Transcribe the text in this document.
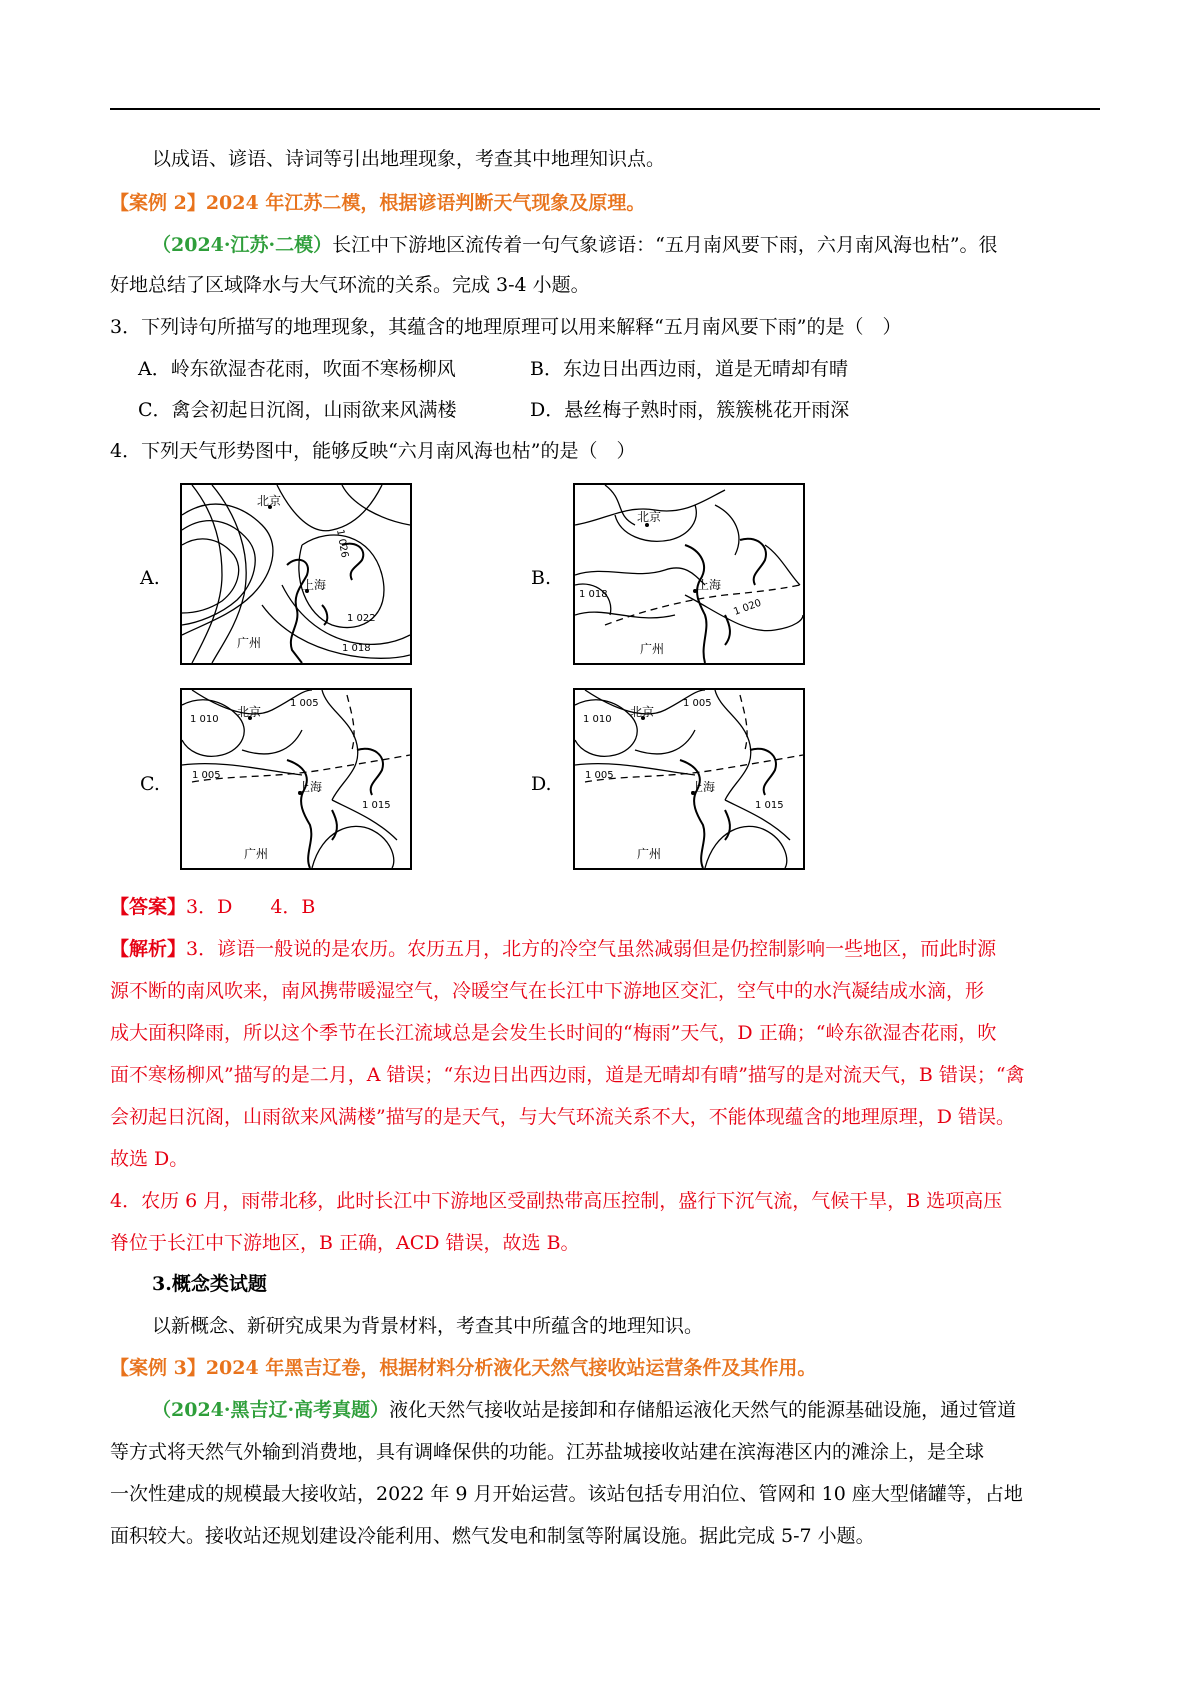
以成语、谚语、诗词等引出地理现象，考查其中地理知识点。
【案例 2】2024 年江苏二模，根据谚语判断天气现象及原理。
（2024·江苏·二模）长江中下游地区流传着一句气象谚语：“五月南风要下雨，六月南风海也枯”。很
好地总结了区域降水与大气环流的关系。完成 3-4 小题。
3．下列诗句所描写的地理现象，其蕴含的地理原理可以用来解释“五月南风要下雨”的是（　）
A．岭东欲湿杏花雨，吹面不寒杨柳风	B．东边日出西边雨，道是无晴却有晴
C．禽会初起日沉阁，山雨欲来风满楼	D．悬丝梅子熟时雨，簇簇桃花开雨深
4．下列天气形势图中，能够反映“六月南风海也枯”的是（　）
A.	B.
C.	D.
北京
上海
广州
1 026
1 022
1 018
北京
上海
广州
1 018
1 020
北京
上海
广州
1 010
1 005
1 005
1 015
北京
上海
广州
1 010
1 005
1 005
1 015
【答案】3．D　　4．B
【解析】3．谚语一般说的是农历。农历五月，北方的冷空气虽然减弱但是仍控制影响一些地区，而此时源
源不断的南风吹来，南风携带暖湿空气，冷暖空气在长江中下游地区交汇，空气中的水汽凝结成水滴，形
成大面积降雨，所以这个季节在长江流域总是会发生长时间的“梅雨”天气，D 正确；“岭东欲湿杏花雨，吹
面不寒杨柳风”描写的是二月，A 错误；“东边日出西边雨，道是无晴却有晴”描写的是对流天气，B 错误；“禽
会初起日沉阁，山雨欲来风满楼”描写的是天气，与大气环流关系不大，不能体现蕴含的地理原理，D 错误。
故选 D。
4．农历 6 月，雨带北移，此时长江中下游地区受副热带高压控制，盛行下沉气流，气候干旱，B 选项高压
脊位于长江中下游地区，B 正确，ACD 错误，故选 B。
3.概念类试题
以新概念、新研究成果为背景材料，考查其中所蕴含的地理知识。
【案例 3】2024 年黑吉辽卷，根据材料分析液化天然气接收站运营条件及其作用。
（2024·黑吉辽·高考真题）液化天然气接收站是接卸和存储船运液化天然气的能源基础设施，通过管道
等方式将天然气外输到消费地，具有调峰保供的功能。江苏盐城接收站建在滨海港区内的滩涂上，是全球
一次性建成的规模最大接收站，2022 年 9 月开始运营。该站包括专用泊位、管网和 10 座大型储罐等，占地
面积较大。接收站还规划建设冷能利用、燃气发电和制氢等附属设施。据此完成 5-7 小题。
